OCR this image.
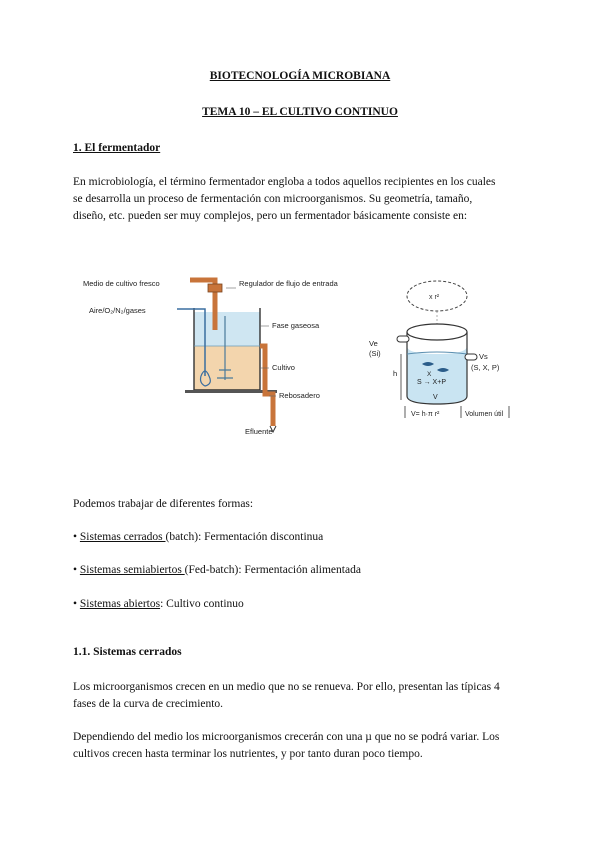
BIOTECNOLOGÍA MICROBIANA
TEMA 10 – EL CULTIVO CONTINUO
1. El fermentador
En microbiología, el término fermentador engloba a todos aquellos recipientes en los cuales
se desarrolla un proceso de fermentación con microorganismos. Su geometría, tamaño,
diseño, etc. pueden ser muy complejos, pero un fermentador básicamente consiste en:
Medio de cultivo fresco	Regulador de flujo de entrada
Aire/O₂/N₂/gases
Fase gaseosa
Cultivo
Rebosadero
Efluente
x r²
Ve
(Si)	Vs
(S, X, P)
h	X
S → X+P
V
V= h·π r²	Volumen útil
Podemos trabajar de diferentes formas:
• Sistemas cerrados (batch): Fermentación discontinua
• Sistemas semiabiertos (Fed-batch): Fermentación alimentada
• Sistemas abiertos: Cultivo continuo
1.1. Sistemas cerrados
Los microorganismos crecen en un medio que no se renueva. Por ello, presentan las típicas 4
fases de la curva de crecimiento.
Dependiendo del medio los microorganismos crecerán con una µ que no se podrá variar. Los
cultivos crecen hasta terminar los nutrientes, y por tanto duran poco tiempo.
